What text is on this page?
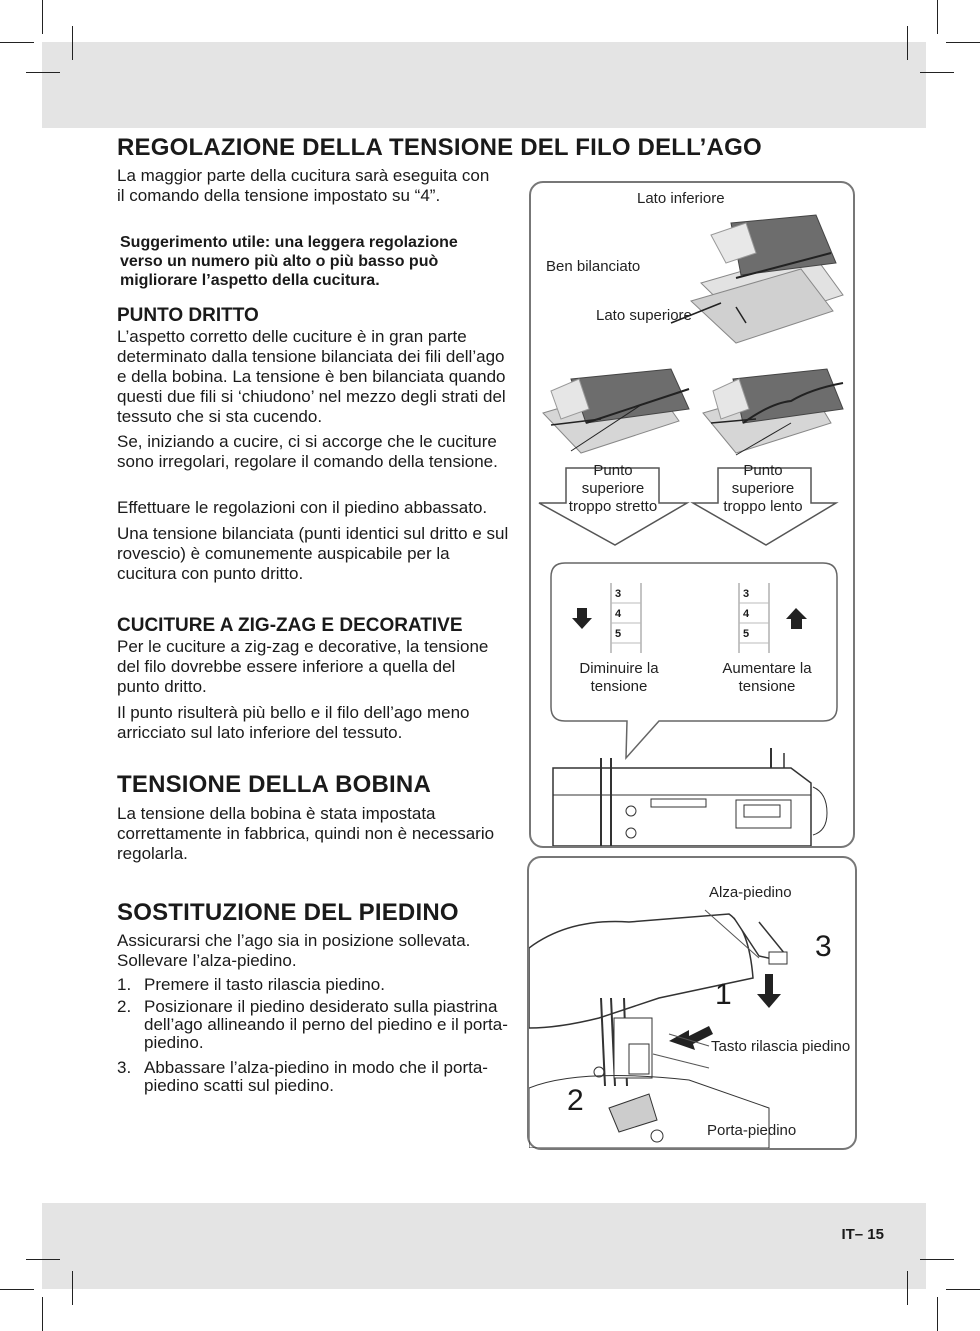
REGOLAZIONE DELLA TENSIONE DEL FILO DELL’AGO

La maggior parte della cucitura sarà eseguita con il comando della tensione impostato su “4”.

Suggerimento utile: una leggera regolazione verso un numero più alto o più basso può migliorare l’aspetto della cucitura.

PUNTO DRITTO

L’aspetto corretto delle cuciture è in gran parte determinato dalla tensione bilanciata dei fili dell’ago e della bobina. La tensione è ben bilanciata quando questi due fili si ‘chiudono’ nel mezzo degli strati del tessuto che si sta cucendo.

Se, iniziando a cucire, ci si accorge che le cuciture sono irregolari, regolare il comando della tensione.

Effettuare le regolazioni con il piedino abbassato.

Una tensione bilanciata (punti identici sul dritto e sul rovescio) è comunemente auspicabile per la cucitura con punto dritto.

CUCITURE A ZIG-ZAG E DECORATIVE

Per le cuciture a zig-zag e decorative, la tensione del filo dovrebbe essere inferiore a quella del punto dritto.

Il punto risulterà più bello e il filo dell’ago meno arricciato sul lato inferiore del tessuto.

TENSIONE DELLA BOBINA

La tensione della bobina è stata impostata correttamente in fabbrica, quindi non è necessario regolarla.

SOSTITUZIONE DEL PIEDINO

Assicurarsi che l’ago sia in posizione sollevata. Sollevare l’alza-piedino.

1. Premere il tasto rilascia piedino.
2. Posizionare il piedino desiderato sulla piastrina dell’ago allineando il perno del piedino e il porta-piedino.
3. Abbassare l’alza-piedino in modo che il porta-piedino scatti sul piedino.
Lato inferiore
Ben bilanciato
Lato superiore
Punto superiore troppo stretto
Punto superiore troppo lento
Diminuire la tensione
Aumentare la tensione
3
4
5
3
4
5
Alza-piedino
Tasto rilascia piedino
Porta-piedino
1
2
3
IT– 15
